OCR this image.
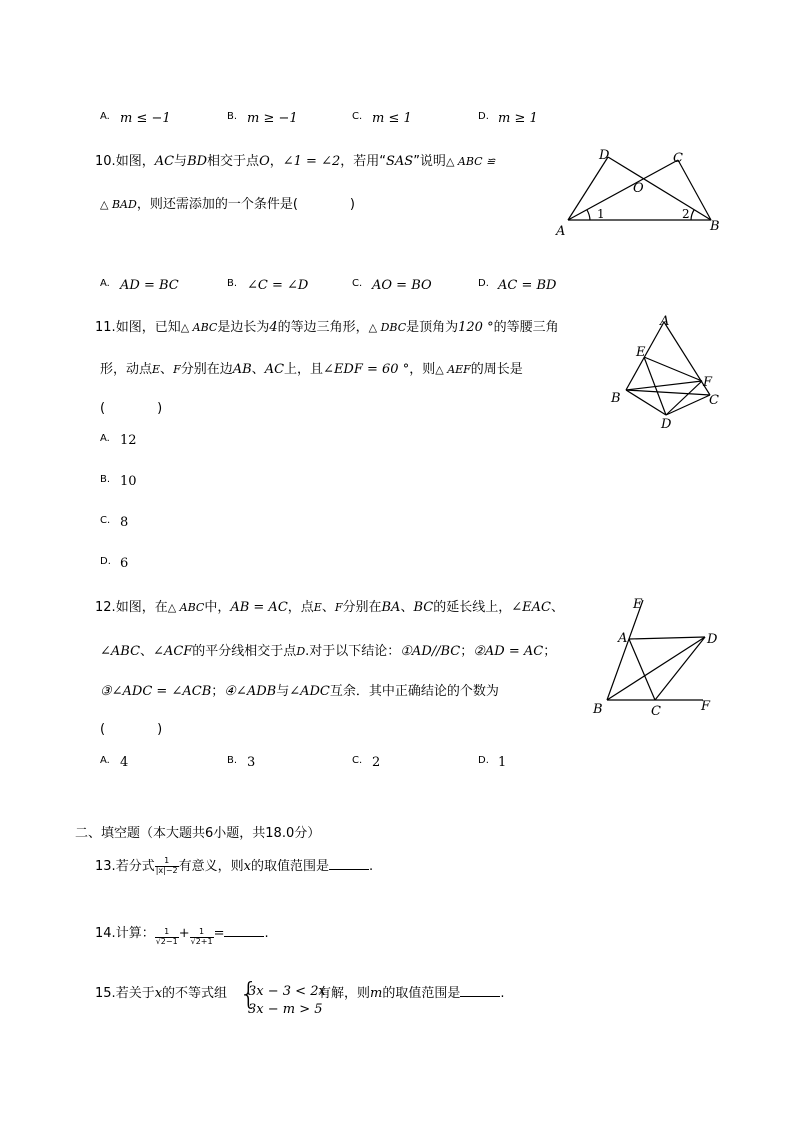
A. m ≤ −1	B. m ≥ −1	C. m ≤ 1	D. m ≥ 1
10.如图，AC与BD相交于点O，∠1 = ∠2，若用“SAS”说明△ ABC ≌
△ BAD，则还需添加的一个条件是(　　　　)
A	B
C
D
O
1	2
A. AD = BC	B. ∠C = ∠D	C. AO = BO	D. AC = BD
11.如图，已知△ ABC是边长为4的等边三角形，△ DBC是顶角为120 °的等腰三角
形，动点E、F分别在边AB、AC上，且∠EDF = 60 °，则△ AEF的周长是
(　　　　)
A
B	C
D
E
F
A. 12
B. 10
C. 8
D. 6
12.如图，在△ ABC中，AB = AC，点E、F分别在BA、BC的延长线上，∠EAC、
∠ABC、∠ACF的平分线相交于点D.对于以下结论：①AD//BC；②AD = AC；
③∠ADC = ∠ACB；④∠ADB与∠ADC互余．其中正确结论的个数为
(　　　　)
E
A	D
B	C	F
A. 4	B. 3	C. 2	D. 1
二、填空题（本大题共6小题，共18.0分）
13.若分式 $\frac{1}{|x|-2}$ 有意义，则x的取值范围是	.
14.计算： $\frac{1}{√2-1} + \frac{1}{√2+1}$ =	.
15.若关于x的不等式组 {
3x − 3 < 2x
3x − m > 5
有解，则m的取值范围是	.
